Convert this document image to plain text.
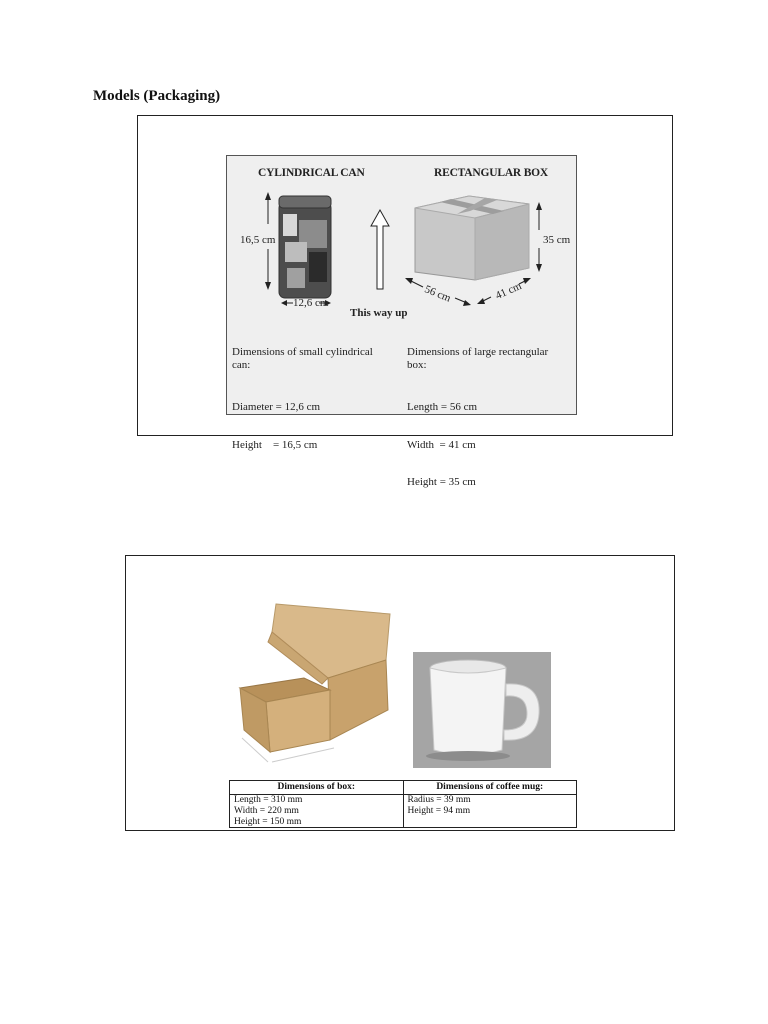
Models (Packaging)
CYLINDRICAL CAN	RECTANGULAR BOX
16,5 cm
12,6 cm
This way up
35 cm
56 cm	41 cm
Dimensions of small cylindrical
can:

Diameter = 12,6 cm

Height    = 16,5 cm

Dimensions of large rectangular
box:

Length = 56 cm

Width  = 41 cm

Height = 35 cm

Dimensions of box:
Length = 310 mm
Width = 220 mm
Height = 150 mm
Dimensions of coffee mug:
Radius = 39 mm
Height = 94 mm
